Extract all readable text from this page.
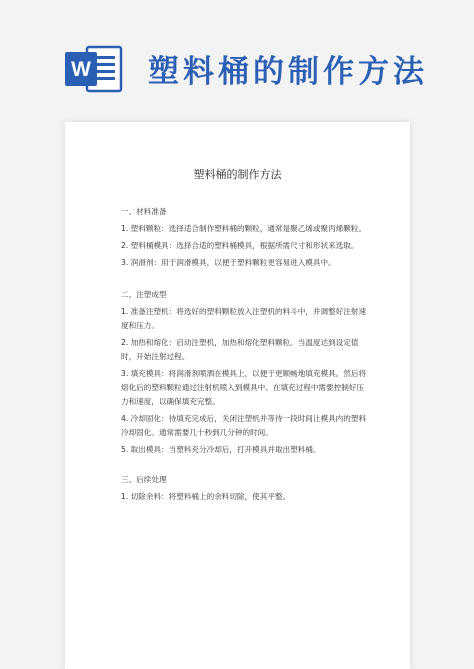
W 塑料桶的制作方法
塑料桶的制作方法

一、材料准备

1. 塑料颗粒：选择适合制作塑料桶的颗粒，通常是聚乙烯或聚丙烯颗粒。

2. 塑料桶模具：选择合适的塑料桶模具，根据所需尺寸和形状来选取。

3. 润滑剂：用于润滑模具，以便于塑料颗粒更容易进入模具中。

二、注塑成型

1. 准备注塑机：将选好的塑料颗粒放入注塑机的料斗中，并调整好注射速度和压力。

2. 加热和熔化：启动注塑机，加热和熔化塑料颗粒。当温度达到设定值时，开始注射过程。

3. 填充模具：将润滑剂喷洒在模具上，以便于更顺畅地填充模具。然后将熔化后的塑料颗粒通过注射机喷入到模具中。在填充过程中需要控制好压力和速度，以确保填充完整。

4. 冷却固化：待填充完成后，关闭注塑机并等待一段时间让模具内的塑料冷却固化。通常需要几十秒到几分钟的时间。

5. 取出模具：当塑料充分冷却后，打开模具并取出塑料桶。

三、后续处理

1. 切除余料：将塑料桶上的余料切除，使其平整。
